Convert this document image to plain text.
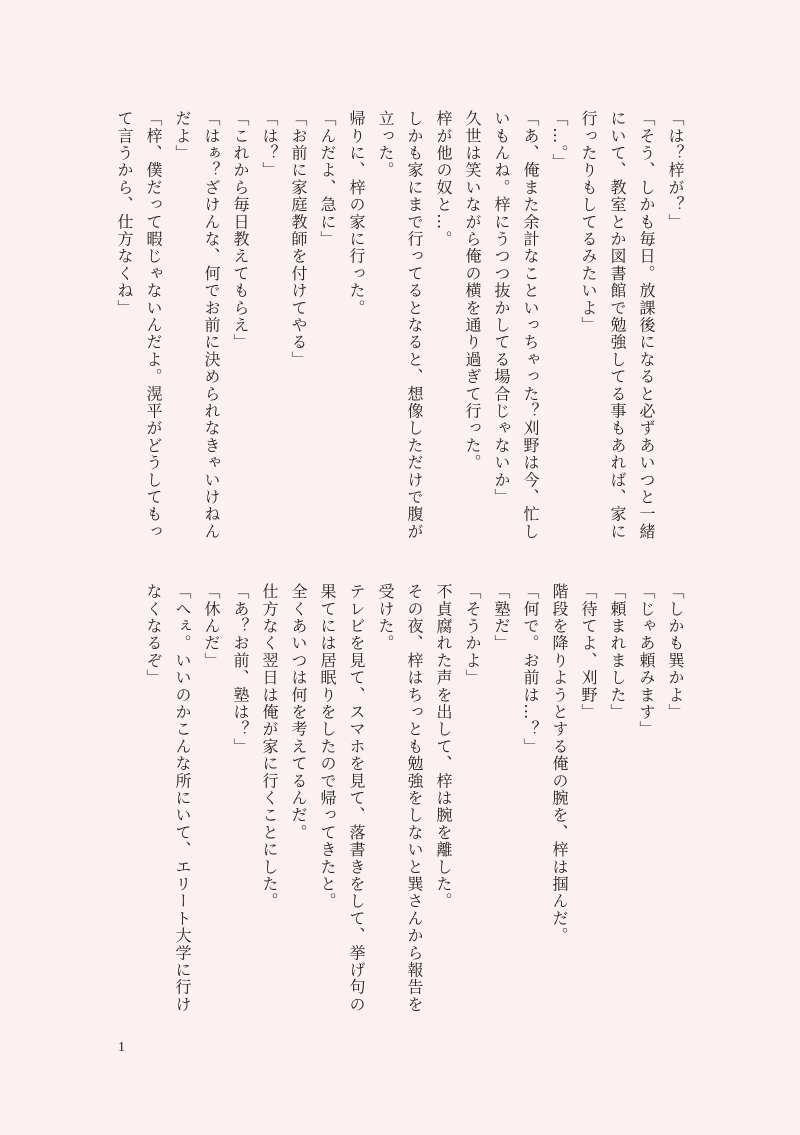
「は？梓が？」
「そう、しかも毎日。放課後になると必ずあいつと一緒
にいて、教室とか図書館で勉強してる事もあれば、家に
行ったりもしてるみたいよ」
「…。」
「あ、俺また余計なこといっちゃった？刈野は今、忙し
いもんね。梓にうつつ抜かしてる場合じゃないか」
久世は笑いながら俺の横を通り過ぎて行った。
梓が他の奴と…。
しかも家にまで行ってるとなると、想像しただけで腹が
立った。
帰りに、梓の家に行った。
「んだよ、急に」
「お前に家庭教師を付けてやる」
「は？」
「これから毎日教えてもらえ」
「はぁ？ざけんな、何でお前に決められなきゃいけねん
だよ」
「梓、僕だって暇じゃないんだよ。滉平がどうしてもっ
て言うから、仕方なくね」
「しかも巽かよ」
「じゃあ頼みます」
「頼まれました」
「待てよ、刈野」
階段を降りようとする俺の腕を、梓は掴んだ。
「何で。お前は…？」
「塾だ」
「そうかよ」
不貞腐れた声を出して、梓は腕を離した。
その夜、梓はちっとも勉強をしないと巽さんから報告を
受けた。
テレビを見て、スマホを見て、落書きをして、挙げ句の
果てには居眠りをしたので帰ってきたと。
全くあいつは何を考えてるんだ。
仕方なく翌日は俺が家に行くことにした。
「あ？お前、塾は？」
「休んだ」
「へぇ。いいのかこんな所にいて、エリート大学に行け
なくなるぞ」
1
